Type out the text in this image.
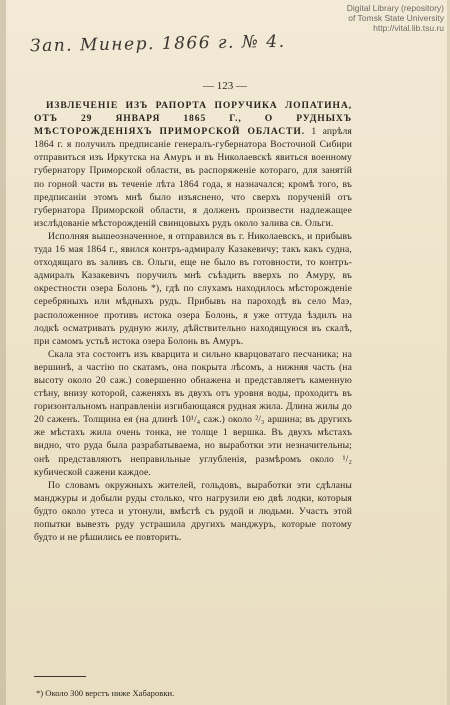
Digital Library (repository)
of Tomsk State University
http://vital.lib.tsu.ru
Зап. Минер. 1866 г. № 4.
— 123 —

ИЗВЛЕЧЕНІЕ ИЗЪ РАПОРТА ПОРУЧИКА ЛОПАТИНА, ОТЪ 29 ЯНВАРЯ 1865 Г., О РУДНЫХЪ МѢСТОРОЖДЕНІЯХЪ ПРИМОРСКОЙ ОБЛАСТИ. 1 апрѣля 1864 г. я получилъ предписаніе генералъ-губернатора Восточной Сибири отправиться изъ Иркутска на Амуръ и въ Николаевскѣ явиться военному губернатору Приморской области, въ распоряженіе котораго, для занятій по горной части въ теченіе лѣта 1864 года, я назначался; кромѣ того, въ предписаніи этомъ мнѣ было изъяснено, что сверхъ порученій отъ губернатора Приморской области, я долженъ произвести надлежащее изслѣдованіе мѣсторожденій свинцовыхъ рудъ около залива св. Ольги.

Исполняя вышеозначенное, я отправился въ г. Николаевскъ, и прибывъ туда 16 мая 1864 г., явился контръ-адмиралу Казакевичу; такъ какъ судна, отходящаго въ заливъ св. Ольги, еще не было въ готовности, то контръ-адмиралъ Казакевичъ поручилъ мнѣ съѣздить вверхъ по Амуру, въ окрестности озера Болонь *), гдѣ по слухамъ находилось мѣсторожденіе серебряныхъ или мѣдныхъ рудъ. Прибывъ на пароходѣ въ село Маэ, расположенное противъ истока озера Болонь, я уже оттуда ѣздилъ на лодкѣ осматривать рудную жилу, дѣйствительно находящуюся въ скалѣ, при самомъ устьѣ истока озера Болонь въ Амуръ.

Скала эта состоитъ изъ кварцита и сильно кварцоватаго песчаника; на вершинѣ, а частію по скатамъ, она покрыта лѣсомъ, а нижняя часть (на высоту около 20 саж.) совершенно обнажена и представляетъ каменную стѣну, внизу которой, саженяхъ въ двухъ отъ уровня воды, проходитъ въ горизонтальномъ направленіи изгибающаяся рудная жила. Длина жилы до 20 саженъ. Толщина ея (на длинѣ 10¹/₄ саж.) около ²/₃ аршина; въ другихъ же мѣстахъ жила очень тонка, не толще 1 вершка. Въ двухъ мѣстахъ видно, что руда была разрабатываема, но выработки эти незначительны; онѣ представляютъ неправильные углубленія, размѣромъ около ¹/₂ кубической сажени каждое.

По словамъ окружныхъ жителей, гольдовъ, выработки эти сдѣланы манджуры и добыли руды столько, что нагрузили ею двѣ лодки, которыя будто около утеса и утонули, вмѣстѣ съ рудой и людьми. Участь этой попытки вывезть руду устрашила другихъ манджуръ, которые потому будто и не рѣшились ее повторить.

*) Около 300 верстъ ниже Хабаровки.
